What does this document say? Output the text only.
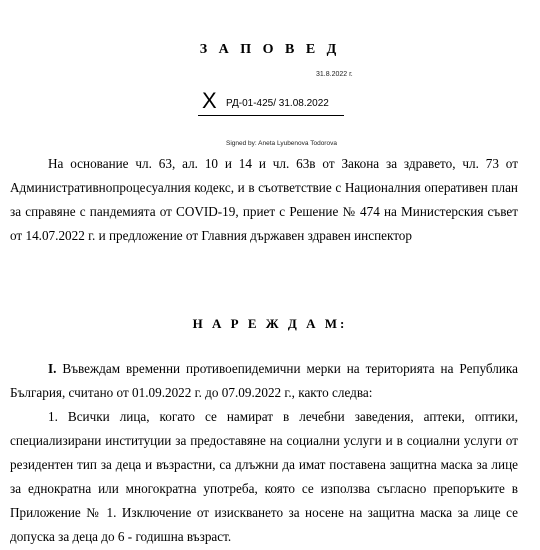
З А П О В Е Д
31.8.2022 г.
X РД-01-425/ 31.08.2022
Signed by: Aneta Lyubenova Todorova

На основание чл. 63, ал. 10 и 14 и чл. 63в от Закона за здравето, чл. 73 от Административнопроцесуалния кодекс, и в съответствие с Националния оперативен план за справяне с пандемията от COVID-19, приет с Решение № 474 на Министерския съвет от 14.07.2022 г. и предложение от Главния държавен здравен инспектор

Н А Р Е Ж Д А М:

I. Въвеждам временни противоепидемични мерки на територията на Република България, считано от 01.09.2022 г. до 07.09.2022 г., както следва:

1. Всички лица, когато се намират в лечебни заведения, аптеки, оптики, специализирани институции за предоставяне на социални услуги и в социални услуги от резидентен тип за деца и възрастни, са длъжни да имат поставена защитна маска за лице за еднократна или многократна употреба, която се използва съгласно препоръките в Приложение № 1. Изключение от изискването за носене на защитна маска за лице се допуска за деца до 6 - годишна възраст.
